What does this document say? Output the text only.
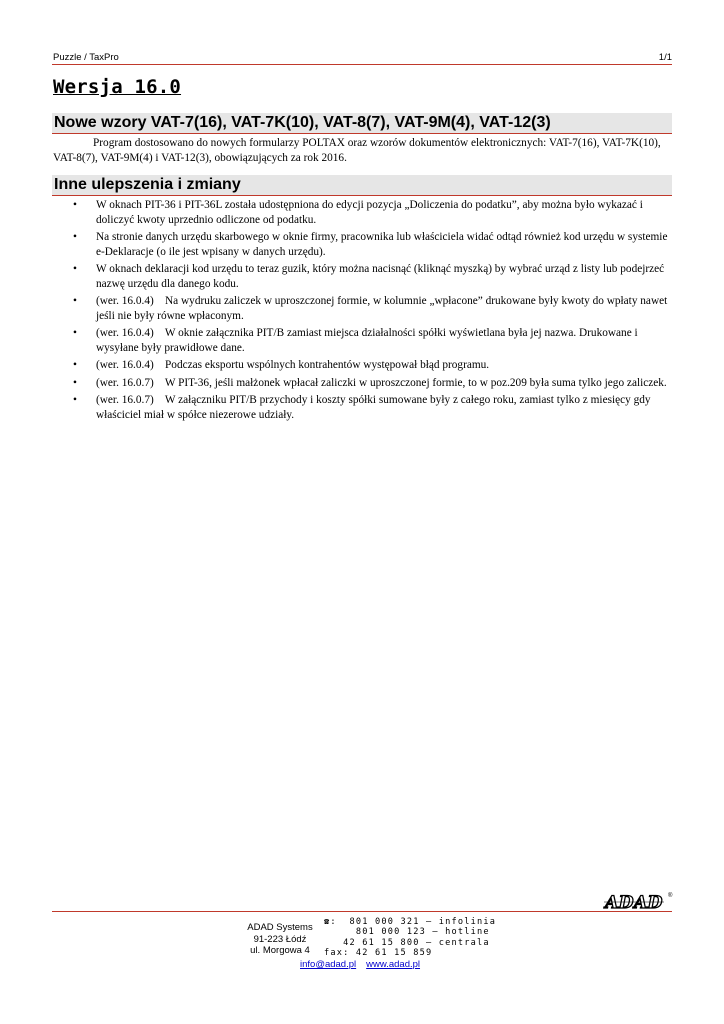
Puzzle / TaxPro	1/1
Wersja 16.0
Nowe wzory VAT-7(16), VAT-7K(10), VAT-8(7), VAT-9M(4), VAT-12(3)
Program dostosowano do nowych formularzy POLTAX oraz wzorów dokumentów elektronicznych: VAT-7(16), VAT-7K(10), VAT-8(7), VAT-9M(4) i VAT-12(3), obowiązujących za rok 2016.
Inne ulepszenia i zmiany
• W oknach PIT-36 i PIT-36L została udostępniona do edycji pozycja „Doliczenia do podatku”, aby można było wykazać i doliczyć kwoty uprzednio odliczone od podatku.
• Na stronie danych urzędu skarbowego w oknie firmy, pracownika lub właściciela widać odtąd również kod urzędu w systemie e-Deklaracje (o ile jest wpisany w danych urzędu).
• W oknach deklaracji kod urzędu to teraz guzik, który można nacisnąć (kliknąć myszką) by wybrać urząd z listy lub podejrzeć nazwę urzędu dla danego kodu.
• (wer. 16.0.4)    Na wydruku zaliczek w uproszczonej formie, w kolumnie „wpłacone” drukowane były kwoty do wpłaty nawet jeśli nie były równe wpłaconym.
• (wer. 16.0.4)    W oknie załącznika PIT/B zamiast miejsca działalności spółki wyświetlana była jej nazwa. Drukowane i wysyłane były prawidłowe dane.
• (wer. 16.0.4)    Podczas eksportu wspólnych kontrahentów występował błąd programu.
• (wer. 16.0.7)    W PIT-36, jeśli małżonek wpłacał zaliczki w uproszczonej formie, to w poz.209 była suma tylko jego zaliczek.
• (wer. 16.0.7)    W załączniku PIT/B przychody i koszty spółki sumowane były z całego roku, zamiast tylko z miesięcy gdy właściciel miał w spółce niezerowe udziały.
ADAD ®
ADAD Systems
91-223 Łódź
ul. Morgowa 4
☎:  801 000 321 – infolinia
801 000 123 – hotline
42 61 15 800 – centrala
fax: 42 61 15 859
info@adad.pl www.adad.pl
